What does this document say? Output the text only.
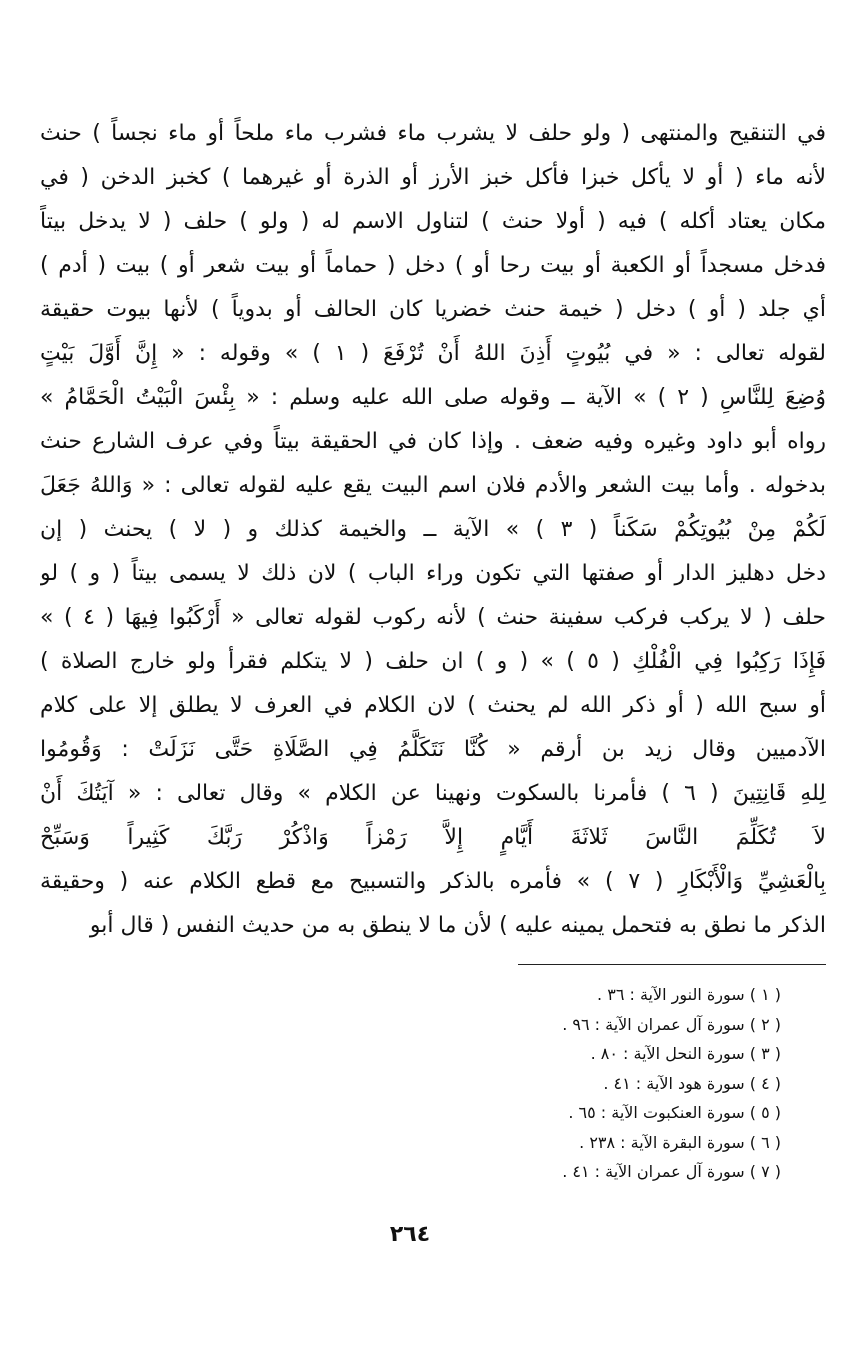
في التنقيح والمنتهى ( ولو حلف لا يشرب ماء فشرب ماء ملحاً أو ماء نجساً ) حنث
لأنه ماء ( أو لا يأكل خبزا فأكل خبز الأرز أو الذرة أو غيرهما ) كخبز الدخن ( في
مكان يعتاد أكله ) فيه ( أولا حنث ) لتناول الاسم له ( ولو ) حلف ( لا يدخل بيتاً
فدخل مسجداً أو الكعبة أو بيت رحا أو ) دخل ( حماماً أو بيت شعر أو ) بيت ( أدم )
أي جلد ( أو ) دخل ( خيمة حنث خضريا كان الحالف أو بدوياً ) لأنها بيوت حقيقة
لقوله تعالى : « في بُيُوتٍ أَذِنَ اللهُ أَنْ تُرْفَعَ ( ١ ) » وقوله : « إِنَّ أَوَّلَ بَيْتٍ
وُضِعَ لِلنَّاسِ ( ٢ ) » الآية ــ وقوله صلى الله عليه وسلم : « بِئْسَ الْبَيْتُ الْحَمَّامُ »
رواه أبو داود وغيره وفيه ضعف . وإذا كان في الحقيقة بيتاً وفي عرف الشارع حنث
بدخوله . وأما بيت الشعر والأدم فلان اسم البيت يقع عليه لقوله تعالى : « وَاللهُ جَعَلَ
لَكُمْ مِنْ بُيُوتِكُمْ سَكَناً ( ٣ ) » الآية ــ والخيمة كذلك و ( لا ) يحنث ( إن
دخل دهليز الدار أو صفتها التي تكون وراء الباب ) لان ذلك لا يسمى بيتاً ( و ) لو
حلف ( لا يركب فركب سفينة حنث ) لأنه ركوب لقوله تعالى « أَرْكَبُوا فِيهَا ( ٤ ) »
فَإِذَا رَكِبُوا فِي الْفُلْكِ ( ٥ ) » ( و ) ان حلف ( لا يتكلم فقرأ ولو خارج الصلاة )
أو سبح الله ( أو ذكر الله لم يحنث ) لان الكلام في العرف لا يطلق إلا على كلام
الآدميين وقال زيد بن أرقم « كُنَّا نَتَكَلَّمُ فِي الصَّلَاةِ حَتَّى نَزَلَتْ : وَقُومُوا
لِلهِ قَانِتِينَ ( ٦ ) فأمرنا بالسكوت ونهينا عن الكلام » وقال تعالى : « آيَتُكَ أَنْ
لاَ تُكَلِّمَ النَّاسَ ثَلاثَةَ أَيَّامٍ إِلاَّ رَمْزاً وَاذْكُرْ رَبَّكَ كَثِيراً وَسَبِّحْ
بِالْعَشِيِّ وَالْأَبْكَارِ ( ٧ ) » فأمره بالذكر والتسبيح مع قطع الكلام عنه ( وحقيقة
الذكر ما نطق به فتحمل يمينه عليه ) لأن ما لا ينطق به من حديث النفس ( قال أبو
( ١ ) سورة النور الآية : ٣٦ .
( ٢ ) سورة آل عمران الآية : ٩٦ .
( ٣ ) سورة النحل الآية : ٨٠ .
( ٤ ) سورة هود الآية : ٤١ .
( ٥ ) سورة العنكبوت الآية : ٦٥ .
( ٦ ) سورة البقرة الآية : ٢٣٨ .
( ٧ ) سورة آل عمران الآية : ٤١ .
٢٦٤
